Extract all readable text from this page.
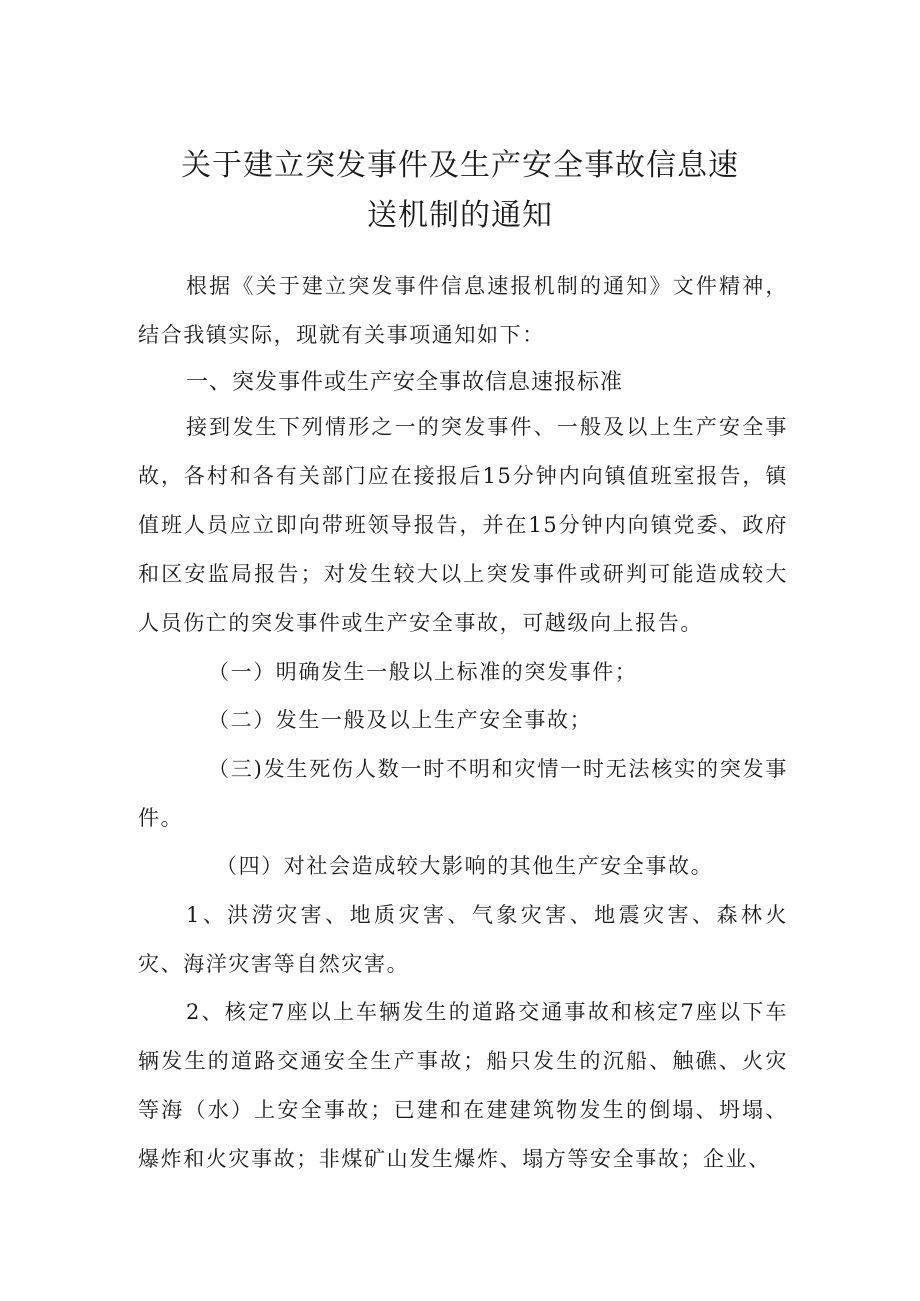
关于建立突发事件及生产安全事故信息速
送机制的通知

根据《关于建立突发事件信息速报机制的通知》文件精神，结合我镇实际，现就有关事项通知如下：

一、突发事件或生产安全事故信息速报标准

接到发生下列情形之一的突发事件、一般及以上生产安全事故，各村和各有关部门应在接报后15分钟内向镇值班室报告，镇值班人员应立即向带班领导报告，并在15分钟内向镇党委、政府和区安监局报告；对发生较大以上突发事件或研判可能造成较大人员伤亡的突发事件或生产安全事故，可越级向上报告。

（一）明确发生一般以上标准的突发事件；

（二）发生一般及以上生产安全事故；

（三)发生死伤人数一时不明和灾情一时无法核实的突发事件。

（四）对社会造成较大影响的其他生产安全事故。

1、洪涝灾害、地质灾害、气象灾害、地震灾害、森林火灾、海洋灾害等自然灾害。

2、核定7座以上车辆发生的道路交通事故和核定7座以下车辆发生的道路交通安全生产事故；船只发生的沉船、触礁、火灾等海（水）上安全事故；已建和在建建筑物发生的倒塌、坍塌、爆炸和火灾事故；非煤矿山发生爆炸、塌方等安全事故；企业、
